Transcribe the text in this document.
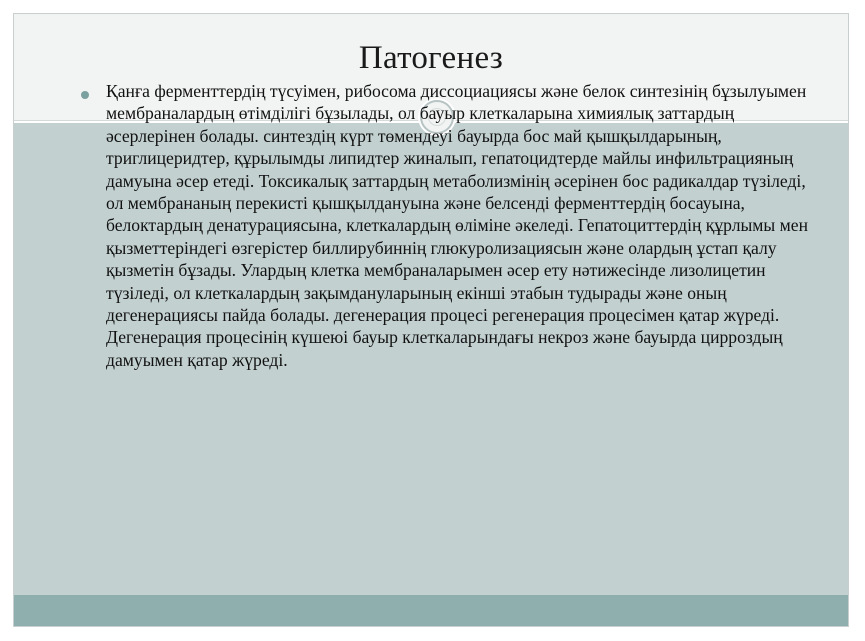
Патогенез

Қанға ферменттердің түсуімен, рибосома диссоциациясы және белок синтезінің бұзылуымен мембраналардың өтімділігі бұзылады, ол бауыр клеткаларына химиялық заттардың әсерлерінен болады. синтездің күрт төмендеуі бауырда бос май қышқылдарының, триглицеридтер, құрылымды липидтер жиналып, гепатоцидтерде майлы инфильтрацияның дамуына әсер етеді. Токсикалық заттардың метаболизмінің әсерінен бос радикалдар түзіледі, ол мембрананың перекисті қышқылдануына және белсенді ферменттердің босауына, белоктардың денатурациясына, клеткалардың өліміне әкеледі. Гепатоциттердің құрлымы мен қызметтеріндегі өзгерістер биллирубиннің глюкуролизациясын және олардың ұстап қалу қызметін бұзады. Улардың клетка мембраналарымен әсер ету нәтижесінде лизолицетин түзіледі, ол клеткалардың зақымдануларының екінші этабын тудырады және оның дегенерациясы пайда болады. дегенерация процесі регенерация процесімен қатар жүреді. Дегенерация процесінің күшеюі бауыр клеткаларындағы некроз және бауырда цирроздың дамуымен қатар жүреді.
